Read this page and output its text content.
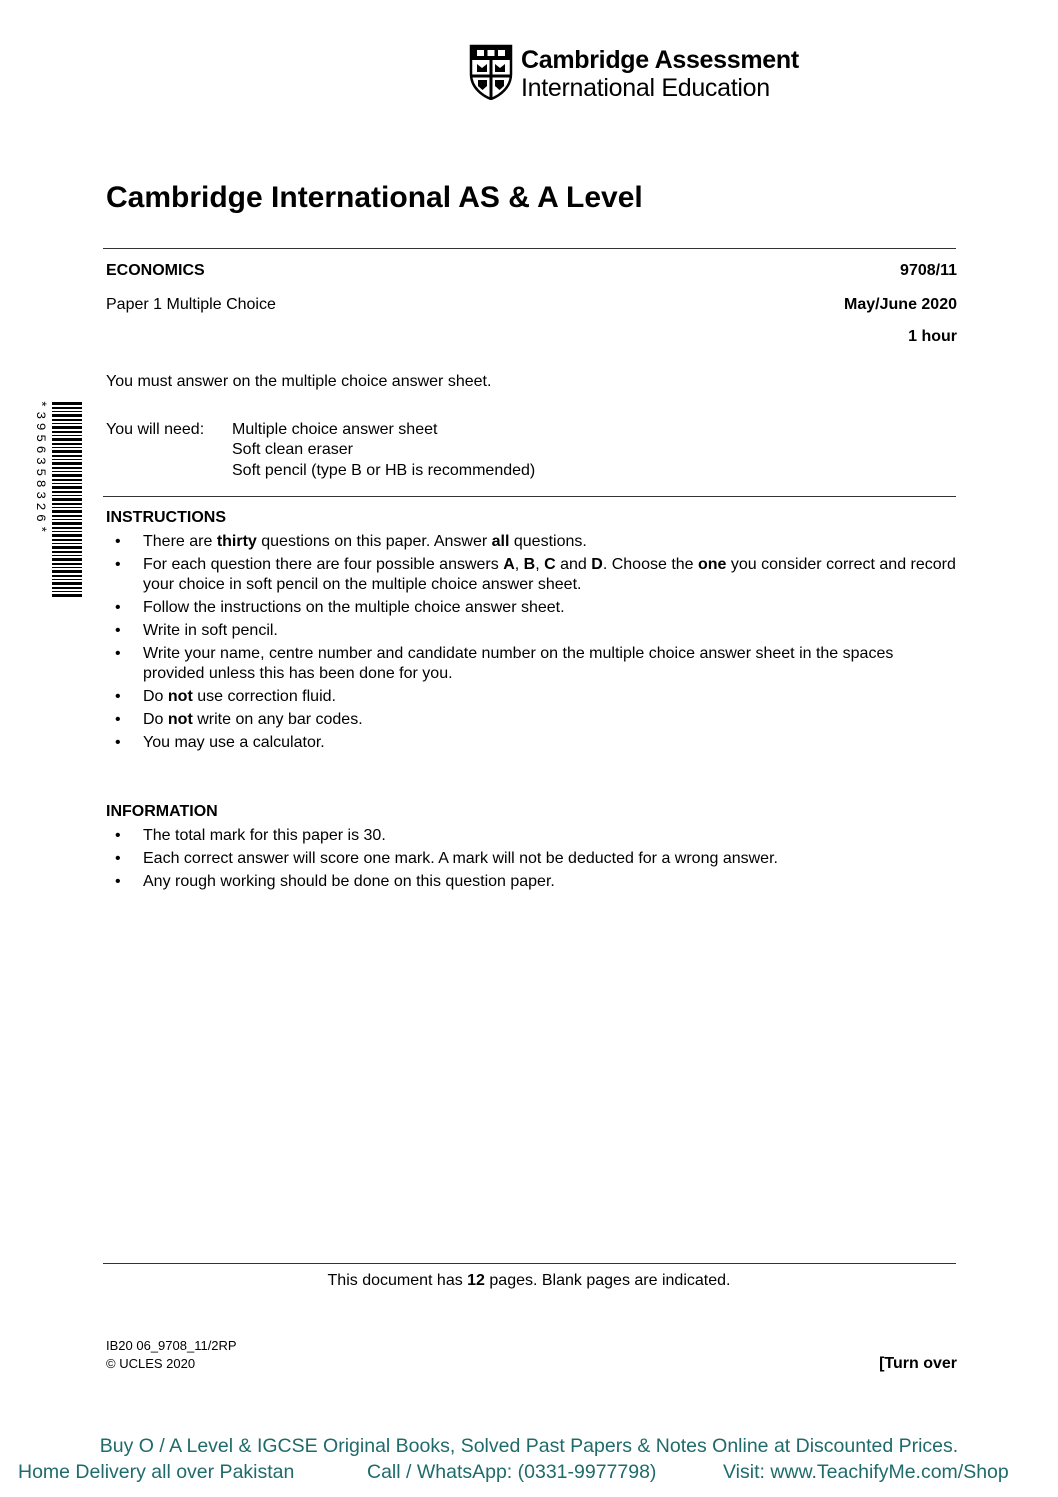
Cambridge Assessment
International Education
Cambridge International AS & A Level
ECONOMICS	9708/11
Paper 1 Multiple Choice	May/June 2020
1 hour
You must answer on the multiple choice answer sheet.
You will need: Multiple choice answer sheet
Soft clean eraser
Soft pencil (type B or HB is recommended)
*3956358326*	INSTRUCTIONS
• There are thirty questions on this paper. Answer all questions.
• For each question there are four possible answers A, B, C and D. Choose the one you consider correct and record your choice in soft pencil on the multiple choice answer sheet.
• Follow the instructions on the multiple choice answer sheet.
• Write in soft pencil.
• Write your name, centre number and candidate number on the multiple choice answer sheet in the spaces provided unless this has been done for you.
• Do not use correction fluid.
• Do not write on any bar codes.
• You may use a calculator.
INFORMATION
• The total mark for this paper is 30.
• Each correct answer will score one mark. A mark will not be deducted for a wrong answer.
• Any rough working should be done on this question paper.
This document has 12 pages. Blank pages are indicated.
IB20 06_9708_11/2RP
© UCLES 2020	[Turn over
Buy O / A Level & IGCSE Original Books, Solved Past Papers & Notes Online at Discounted Prices.
Home Delivery all over Pakistan	Call / WhatsApp: (0331-9977798)	Visit: www.TeachifyMe.com/Shop
